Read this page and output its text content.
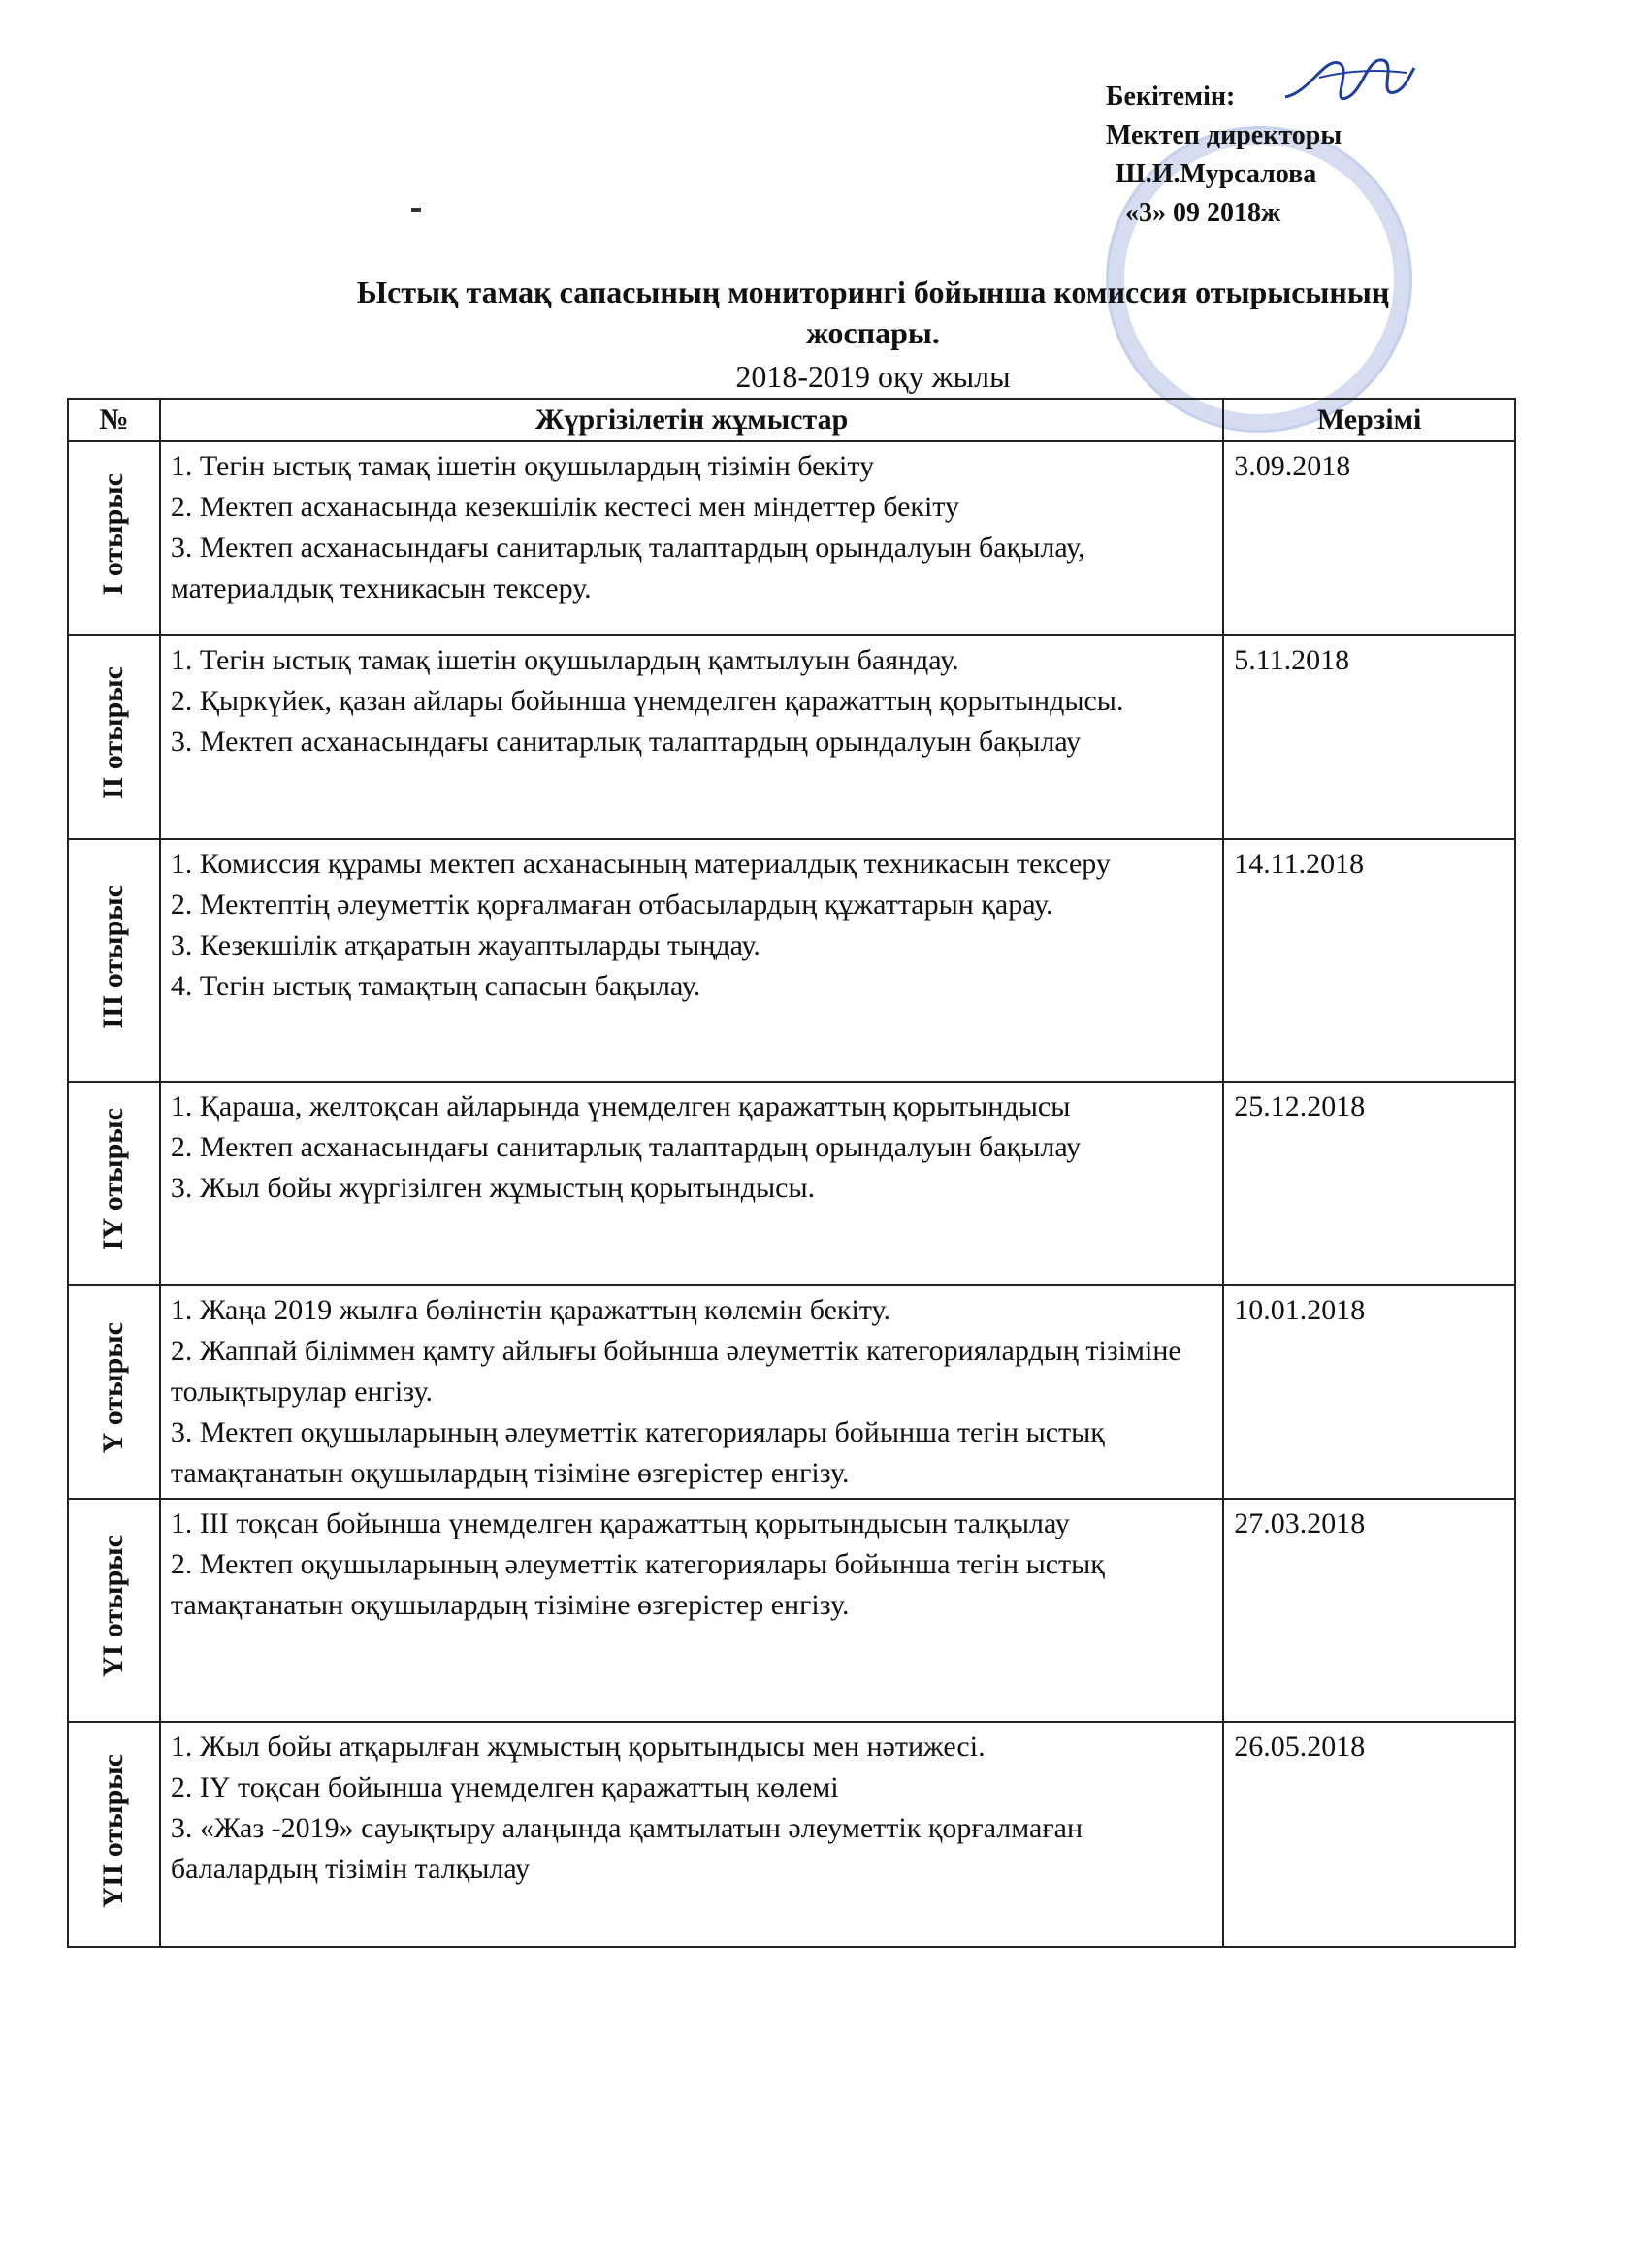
Бекітемін:
Мектеп директоры
Ш.И.Мурсалова
«3» 09 2018ж
Ыстық тамақ сапасының мониторингі бойынша комиссия отырысының жоспары.
2018-2019 оқу жылы
№	Жүргізілетін жұмыстар	Мерзімі
І отырыс	1. Тегін ыстық тамақ ішетін оқушылардың тізімін бекіту
2. Мектеп асханасында кезекшілік кестесі мен міндеттер бекіту
3. Мектеп асханасындағы санитарлық талаптардың орындалуын бақылау, материалдық техникасын тексеру.	3.09.2018
ІІ отырыс	1. Тегін ыстық тамақ ішетін оқушылардың қамтылуын баяндау.
2. Қыркүйек, қазан айлары бойынша үнемделген қаражаттың қорытындысы.
3. Мектеп асханасындағы санитарлық талаптардың орындалуын бақылау	5.11.2018
ІІІ отырыс	1. Комиссия құрамы мектеп асханасының материалдық техникасын тексеру
2. Мектептің әлеуметтік қорғалмаған отбасылардың құжаттарын қарау.
3. Кезекшілік атқаратын жауаптыларды тыңдау.
4. Тегін ыстық тамақтың сапасын бақылау.	14.11.2018
ІҮ отырыс	1. Қараша, желтоқсан айларында үнемделген қаражаттың қорытындысы
2. Мектеп асханасындағы санитарлық талаптардың орындалуын бақылау
3. Жыл бойы жүргізілген жұмыстың қорытындысы.	25.12.2018
Ү отырыс	1. Жаңа 2019 жылға бөлінетін қаражаттың көлемін бекіту.
2. Жаппай біліммен қамту айлығы бойынша әлеуметтік категориялардың тізіміне толықтырулар енгізу.
3. Мектеп оқушыларының әлеуметтік категориялары бойынша тегін ыстық тамақтанатын оқушылардың тізіміне өзгерістер енгізу.	10.01.2018
ҮІ отырыс	1. ІІІ тоқсан бойынша үнемделген қаражаттың қорытындысын талқылау
2. Мектеп оқушыларының әлеуметтік категориялары бойынша тегін ыстық тамақтанатын оқушылардың тізіміне өзгерістер енгізу.	27.03.2018
ҮІІ отырыс	1. Жыл бойы атқарылған жұмыстың қорытындысы мен нәтижесі.
2. ІҮ тоқсан бойынша үнемделген қаражаттың көлемі
3. «Жаз -2019» сауықтыру алаңында қамтылатын әлеуметтік қорғалмаған балалардың тізімін талқылау	26.05.2018
